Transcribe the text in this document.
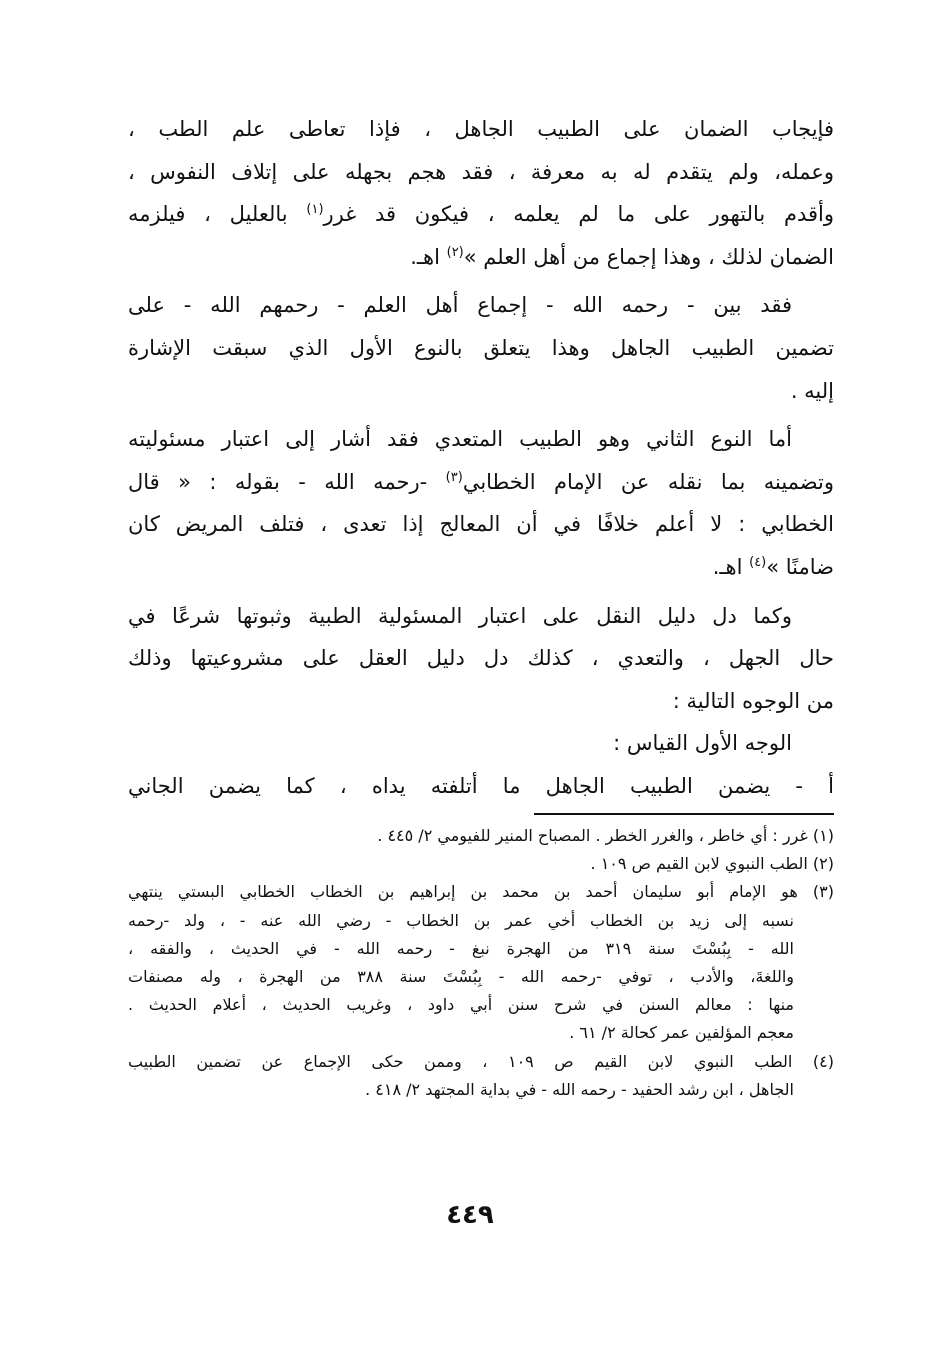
فإيجاب الضمان على الطبيب الجاهل ، فإذا تعاطى علم الطب ،
وعمله، ولم يتقدم له به معرفة ، فقد هجم بجهله على إتلاف النفوس ،
وأقدم بالتهور على ما لم يعلمه ، فيكون قد غرر$^{(١)}$ بالعليل ، فيلزمه
الضمان لذلك ، وهذا إجماع من أهل العلم »$^{(٢)}$ اهـ.
فقد بين - رحمه الله - إجماع أهل العلم - رحمهم الله - على
تضمين الطبيب الجاهل وهذا يتعلق بالنوع الأول الذي سبقت الإشارة
إليه .
أما النوع الثاني وهو الطبيب المتعدي فقد أشار إلى اعتبار مسئوليته
وتضمينه بما نقله عن الإمام الخطابي$^{(٣)}$ -رحمه الله - بقوله : « قال
الخطابي : لا أعلم خلافًا في أن المعالج إذا تعدى ، فتلف المريض كان
ضامنًا »$^{(٤)}$ اهـ.
وكما دل دليل النقل على اعتبار المسئولية الطبية وثبوتها شرعًا في
حال الجهل ، والتعدي ، كذلك دل دليل العقل على مشروعيتها وذلك
من الوجوه التالية :
الوجه الأول القياس :
أ - يضمن الطبيب الجاهل ما أتلفته يداه ، كما يضمن الجاني
(١) غرر : أي خاطر ، والغرر الخطر . المصباح المنير للفيومي ٢/ ٤٤٥ .
(٢) الطب النبوي لابن القيم ص ١٠٩ .
(٣) هو الإمام أبو سليمان أحمد بن محمد بن إبراهيم بن الخطاب الخطابي البستي ينتهي
نسبه إلى زيد بن الخطاب أخي عمر بن الخطاب - رضي الله عنه - ، ولد -رحمه
الله - بِبُسْتَ سنة ٣١٩ من الهجرة نبغ - رحمه الله - في الحديث ، والفقه ،
واللغةَ، والأدب ، توفي -رحمه الله - بِبُسْتَ سنة ٣٨٨ من الهجرة ، وله مصنفات
منها : معالم السنن في شرح سنن أبي داود ، وغريب الحديث ، أعلام الحديث .
معجم المؤلفين عمر كحالة ٢/ ٦١ .
(٤) الطب النبوي لابن القيم ص ١٠٩ ، وممن حكى الإجماع عن تضمين الطبيب
الجاهل ، ابن رشد الحفيد - رحمه الله - في بداية المجتهد ٢/ ٤١٨ .
٤٤٩
